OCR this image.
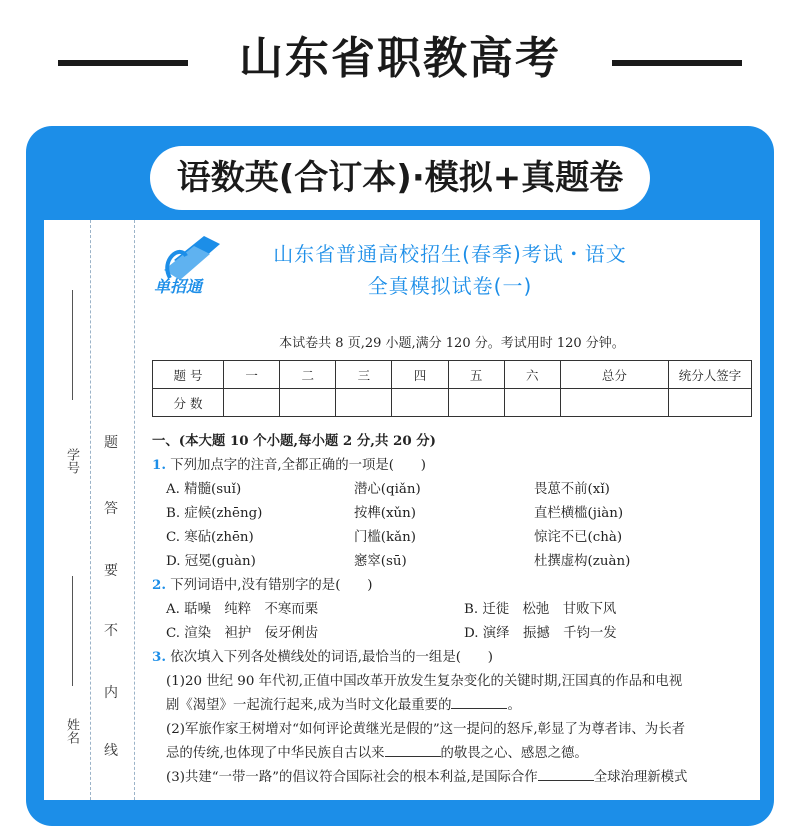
山东省职教高考
语数英(合订本)·模拟+真题卷
学号
姓名
题
答
要
不
内
线
单招通
山东省普通高校招生(春季)考试・语文
全真模拟试卷(一)
本试卷共 8 页,29 小题,满分 120 分。考试用时 120 分钟。
题 号	一	二	三	四	五	六	总分	统分人签字
分 数								
一、(本大题 10 个小题,每小题 2 分,共 20 分)
1. 下列加点字的注音,全都正确的一项是(　　)
A. 精髓(suǐ)	潜心(qiǎn)	畏葸不前(xǐ)
B. 症候(zhēng)	按榫(xǔn)	直栏横槛(jiàn)
C. 寒砧(zhēn)	门槛(kǎn)	惊诧不已(chà)
D. 冠冕(guàn)	窸窣(sū)	杜撰虚构(zuàn)
2. 下列词语中,没有错别字的是(　　)
A. 聒噪　纯粹　不寒而栗	B. 迁徙　松弛　甘败下风
C. 渲染　袒护　佞牙俐齿	D. 演绎　振撼　千钧一发
3. 依次填入下列各处横线处的词语,最恰当的一组是(　　)
(1)20 世纪 90 年代初,正值中国改革开放发生复杂变化的关键时期,汪国真的作品和电视
剧《渴望》一起流行起来,成为当时文化最重要的	。
(2)军旅作家王树增对“如何评论黄继光是假的”这一提问的怒斥,彰显了为尊者讳、为长者
忌的传统,也体现了中华民族自古以来	的敬畏之心、感恩之德。
(3)共建“一带一路”的倡议符合国际社会的根本利益,是国际合作	全球治理新模式
